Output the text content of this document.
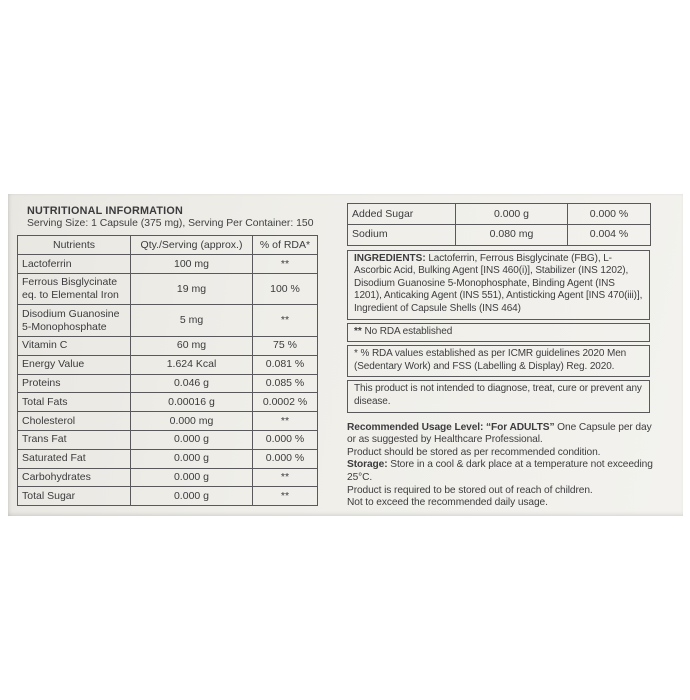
NUTRITIONAL INFORMATION
Serving Size: 1 Capsule (375 mg), Serving Per Container: 150
Nutrients	Qty./Serving (approx.)	% of RDA*
Lactoferrin	100 mg	**
Ferrous Bisglycinate eq. to Elemental Iron	19 mg	100 %
Disodium Guanosine 5-Monophosphate	5 mg	**
Vitamin C	60 mg	75 %
Energy Value	1.624 Kcal	0.081 %
Proteins	0.046 g	0.085 %
Total Fats	0.00016 g	0.0002 %
Cholesterol	0.000 mg	**
Trans Fat	0.000 g	0.000 %
Saturated Fat	0.000 g	0.000 %
Carbohydrates	0.000 g	**
Total Sugar	0.000 g	**
Added Sugar	0.000 g	0.000 %
Sodium	0.080 mg	0.004 %
INGREDIENTS: Lactoferrin, Ferrous Bisglycinate (FBG), L-Ascorbic Acid, Bulking Agent [INS 460(i)], Stabilizer (INS 1202), Disodium Guanosine 5-Monophosphate, Binding Agent (INS 1201), Anticaking Agent (INS 551), Antisticking Agent [INS 470(iii)], Ingredient of Capsule Shells (INS 464)
** No RDA established
* % RDA values established as per ICMR guidelines 2020 Men (Sedentary Work) and FSS (Labelling & Display) Reg. 2020.
This product is not intended to diagnose, treat, cure or prevent any disease.

Recommended Usage Level: “For ADULTS” One Capsule per day or as suggested by Healthcare Professional.

Product should be stored as per recommended condition.

Storage: Store in a cool & dark place at a temperature not exceeding 25°C.

Product is required to be stored out of reach of children.

Not to exceed the recommended daily usage.
